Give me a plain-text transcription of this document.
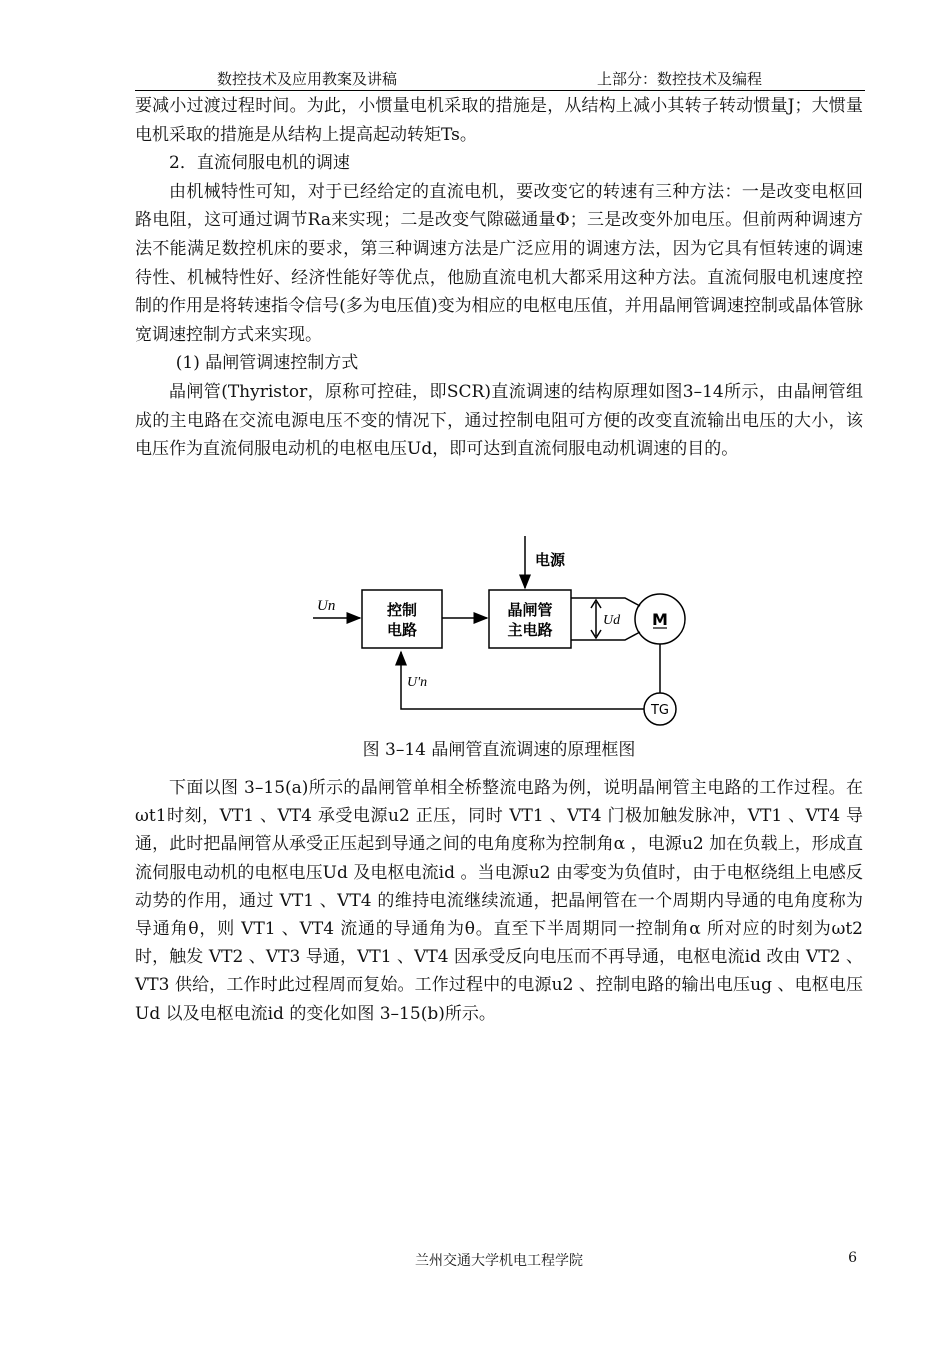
数控技术及应用教案及讲稿	上部分：数控技术及编程

要减小过渡过程时间。为此，小惯量电机采取的措施是，从结构上减小其转子转动惯量J；大惯量电机采取的措施是从结构上提高起动转矩Ts。

2．直流伺服电机的调速

由机械特性可知，对于已经给定的直流电机，要改变它的转速有三种方法：一是改变电枢回路电阻，这可通过调节Ra来实现；二是改变气隙磁通量Φ；三是改变外加电压。但前两种调速方法不能满足数控机床的要求，第三种调速方法是广泛应用的调速方法，因为它具有恒转速的调速待性、机械特性好、经济性能好等优点，他励直流电机大都采用这种方法。直流伺服电机速度控制的作用是将转速指令信号(多为电压值)变为相应的电枢电压值，并用晶闸管调速控制或晶体管脉宽调速控制方式来实现。

(1) 晶闸管调速控制方式

晶闸管(Thyristor，原称可控硅，即SCR)直流调速的结构原理如图3–14所示，由晶闸管组成的主电路在交流电源电压不变的情况下，通过控制电阻可方便的改变直流输出电压的大小，该电压作为直流伺服电动机的电枢电压Ud，即可达到直流伺服电动机调速的目的。

电源
Un	控制
电路
晶闸管
主电路
Ud M
U'n
TG
图 3–14 晶闸管直流调速的原理框图

下面以图 3–15(a)所示的晶闸管单相全桥整流电路为例，说明晶闸管主电路的工作过程。在ωt1时刻，VT1 、VT4 承受电源u2 正压，同时 VT1 、VT4 门极加触发脉冲，VT1 、VT4 导通，此时把晶闸管从承受正压起到导通之间的电角度称为控制角α ，电源u2 加在负载上，形成直流伺服电动机的电枢电压Ud 及电枢电流id 。当电源u2 由零变为负值时，由于电枢绕组上电感反动势的作用，通过 VT1 、VT4 的维持电流继续流通，把晶闸管在一个周期内导通的电角度称为导通角θ，则 VT1 、VT4 流通的导通角为θ。直至下半周期同一控制角α 所对应的时刻为ωt2 时，触发 VT2 、VT3 导通，VT1 、VT4 因承受反向电压而不再导通，电枢电流id 改由 VT2 、VT3 供给，工作时此过程周而复始。工作过程中的电源u2 、控制电路的输出电压ug 、电枢电压Ud 以及电枢电流id 的变化如图 3–15(b)所示。

兰州交通大学机电工程学院	6
